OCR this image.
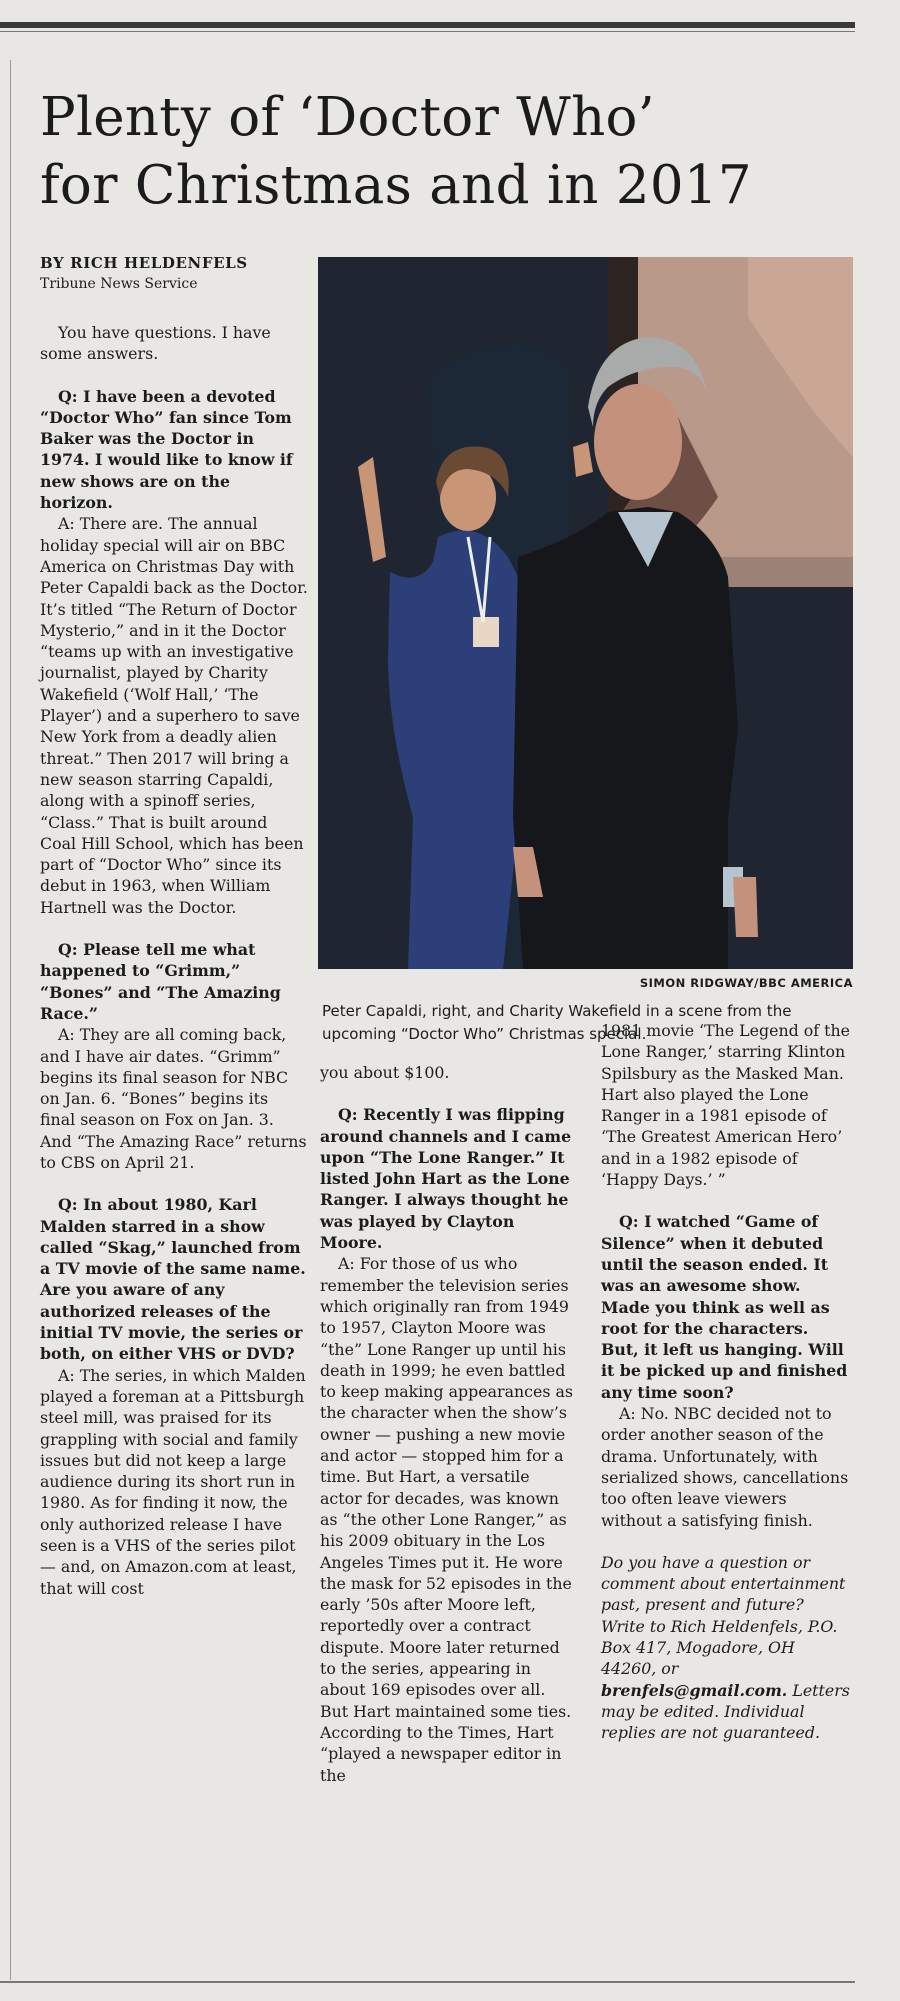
Plenty of ‘Doctor Who’
for Christmas and in 2017
BY RICH HELDENFELS
Tribune News Service
SIMON RIDGWAY/BBC AMERICA
Peter Capaldi, right, and Charity Wakefield in a scene from the upcoming “Doctor Who” Christmas special.

You have questions. I have some answers.

Q: I have been a devoted “Doctor Who” fan since Tom Baker was the Doctor in 1974. I would like to know if new shows are on the horizon.

A: There are. The annual holiday special will air on BBC America on Christmas Day with Peter Capaldi back as the Doctor. It’s titled “The Return of Doctor Mysterio,” and in it the Doctor “teams up with an investigative journalist, played by Charity Wakefield (‘Wolf Hall,’ ‘The Player’) and a superhero to save New York from a deadly alien threat.” Then 2017 will bring a new season starring Capaldi, along with a spinoff series, “Class.” That is built around Coal Hill School, which has been part of “Doctor Who” since its debut in 1963, when William Hartnell was the Doctor.

Q: Please tell me what happened to “Grimm,” “Bones” and “The Amazing Race.”

A: They are all coming back, and I have air dates. “Grimm” begins its final season for NBC on Jan. 6. “Bones” begins its final season on Fox on Jan. 3. And “The Amazing Race” returns to CBS on April 21.

Q: In about 1980, Karl Malden starred in a show called “Skag,” launched from a TV movie of the same name. Are you aware of any authorized releases of the initial TV movie, the series or both, on either VHS or DVD?

A: The series, in which Malden played a foreman at a Pittsburgh steel mill, was praised for its grappling with social and family issues but did not keep a large audience during its short run in 1980. As for finding it now, the only authorized release I have seen is a VHS of the series pilot — and, on Amazon.com at least, that will cost

you about $100.

Q: Recently I was flipping around channels and I came upon “The Lone Ranger.” It listed John Hart as the Lone Ranger. I always thought he was played by Clayton Moore.

A: For those of us who remember the television series which originally ran from 1949 to 1957, Clayton Moore was “the” Lone Ranger up until his death in 1999; he even battled to keep making appearances as the character when the show’s owner — pushing a new movie and actor — stopped him for a time. But Hart, a versatile actor for decades, was known as “the other Lone Ranger,” as his 2009 obituary in the Los Angeles Times put it. He wore the mask for 52 episodes in the early ’50s after Moore left, reportedly over a contract dispute. Moore later returned to the series, appearing in about 169 episodes over all. But Hart maintained some ties. According to the Times, Hart “played a newspaper editor in the

1981 movie ‘The Legend of the Lone Ranger,’ starring Klinton Spilsbury as the Masked Man. Hart also played the Lone Ranger in a 1981 episode of ‘The Greatest American Hero’ and in a 1982 episode of ‘Happy Days.’ ”

Q: I watched “Game of Silence” when it debuted until the season ended. It was an awesome show. Made you think as well as root for the characters. But, it left us hanging. Will it be picked up and finished any time soon?

A: No. NBC decided not to order another season of the drama. Unfortunately, with serialized shows, cancellations too often leave viewers without a satisfying finish.

Do you have a question or comment about entertainment past, present and future? Write to Rich Heldenfels, P.O. Box 417, Mogadore, OH 44260, or brenfels@gmail.com. Letters may be edited. Individual replies are not guaranteed.
